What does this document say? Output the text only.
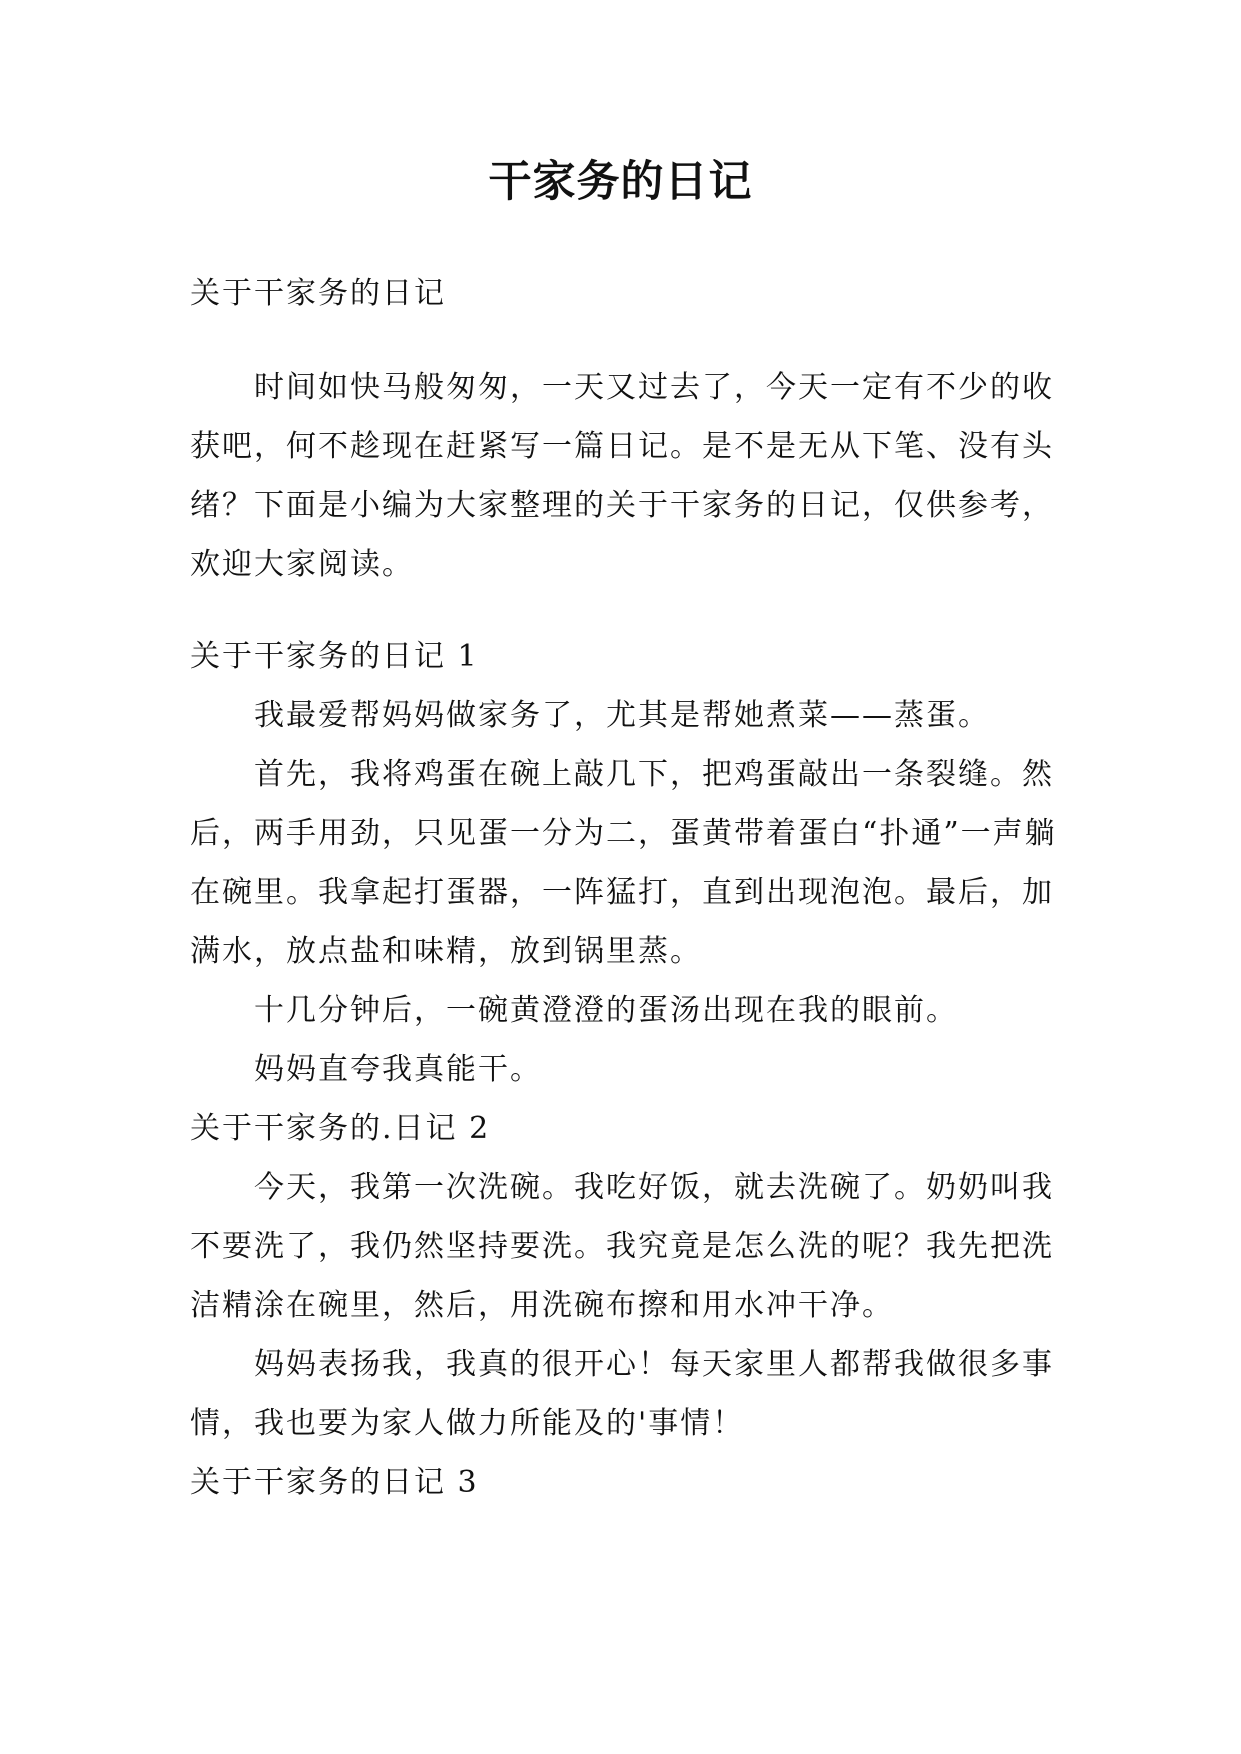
干家务的日记

关于干家务的日记

时间如快马般匆匆，一天又过去了，今天一定有不少的收获吧，何不趁现在赶紧写一篇日记。是不是无从下笔、没有头绪？下面是小编为大家整理的关于干家务的日记，仅供参考，欢迎大家阅读。

关于干家务的日记 1

我最爱帮妈妈做家务了，尤其是帮她煮菜——蒸蛋。

首先，我将鸡蛋在碗上敲几下，把鸡蛋敲出一条裂缝。然后，两手用劲，只见蛋一分为二，蛋黄带着蛋白“扑通”一声躺在碗里。我拿起打蛋器，一阵猛打，直到出现泡泡。最后，加满水，放点盐和味精，放到锅里蒸。

十几分钟后，一碗黄澄澄的蛋汤出现在我的眼前。

妈妈直夸我真能干。

关于干家务的.日记 2

今天，我第一次洗碗。我吃好饭，就去洗碗了。奶奶叫我不要洗了，我仍然坚持要洗。我究竟是怎么洗的呢？我先把洗洁精涂在碗里，然后，用洗碗布擦和用水冲干净。

妈妈表扬我，我真的很开心！每天家里人都帮我做很多事情，我也要为家人做力所能及的'事情！

关于干家务的日记 3
